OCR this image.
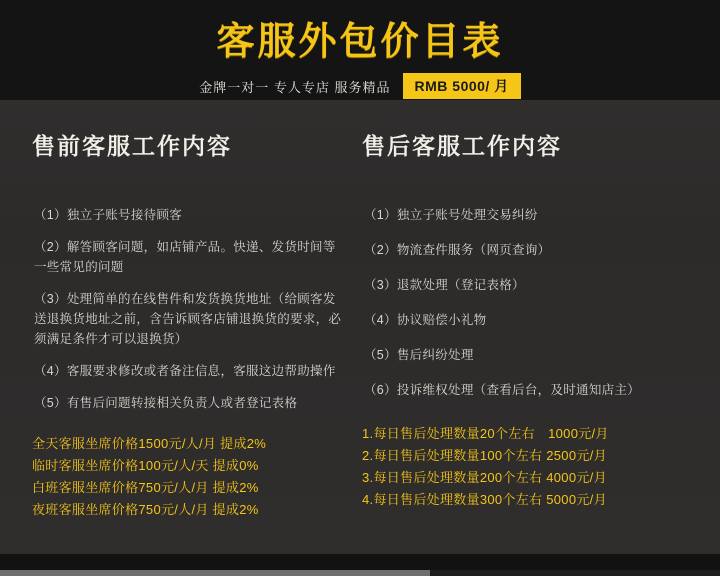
客服外包价目表
金牌一对一 专人专店 服务精品	RMB 5000/ 月
售前客服工作内容
（1）独立子账号接待顾客
（2）解答顾客问题，如店铺产品。快递、发货时间等一些常见的问题
（3）处理简单的在线售件和发货换货地址（给顾客发送退换货地址之前，含告诉顾客店铺退换货的要求，必须满足条件才可以退换货）
（4）客服要求修改或者备注信息，客服这边帮助操作
（5）有售后问题转接相关负责人或者登记表格
全天客服坐席价格1500元/人/月 提成2%
临时客服坐席价格100元/人/天 提成0%
白班客服坐席价格750元/人/月 提成2%
夜班客服坐席价格750元/人/月 提成2%
售后客服工作内容
（1）独立子账号处理交易纠纷
（2）物流查件服务（网页查询）
（3）退款处理（登记表格）
（4）协议赔偿小礼物
（5）售后纠纷处理
（6）投诉维权处理（查看后台，及时通知店主）
1.每日售后处理数量20个左右　1000元/月
2.每日售后处理数量100个左右 2500元/月
3.每日售后处理数量200个左右 4000元/月
4.每日售后处理数量300个左右 5000元/月
